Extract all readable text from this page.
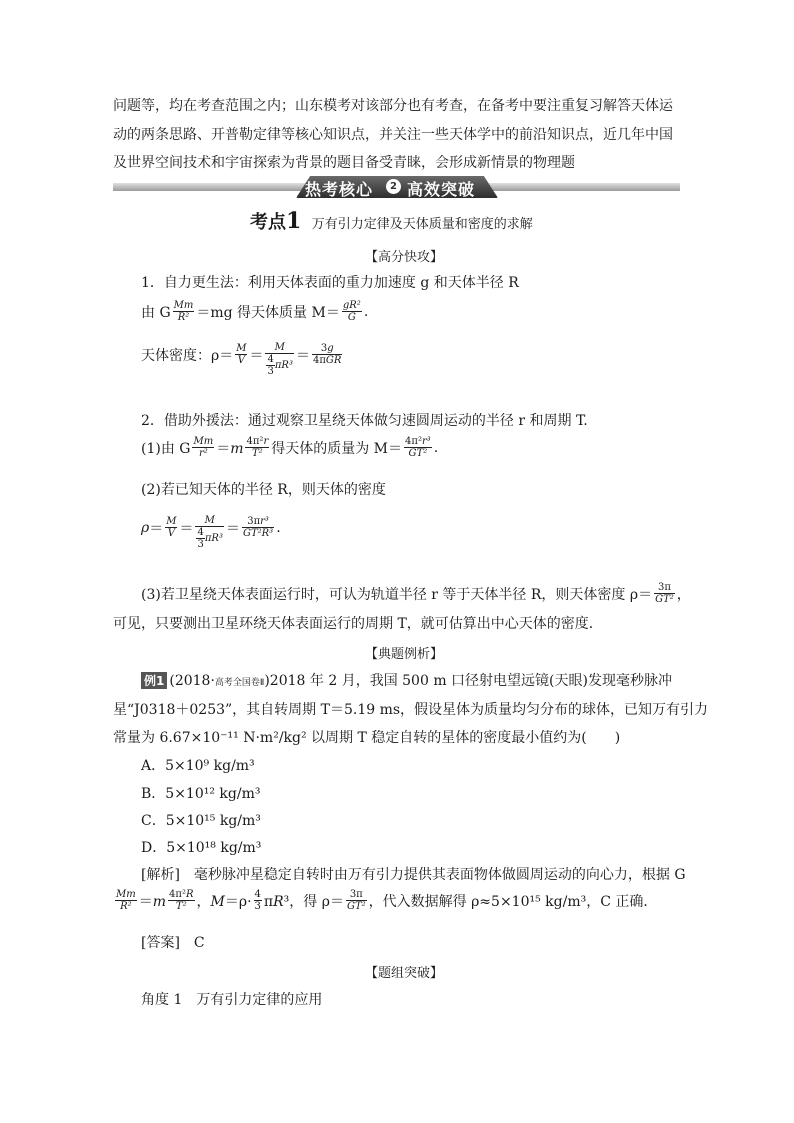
问题等，均在考查范围之内；山东模考对该部分也有考查，在备考中要注重复习解答天体运
动的两条思路、开普勒定律等核心知识点，并关注一些天体学中的前沿知识点，近几年中国
及世界空间技术和宇宙探索为背景的题目备受青睐，会形成新情景的物理题
热考核心	2 高效突破
考点1 万有引力定律及天体质量和密度的求解
【高分快攻】
1．自力更生法：利用天体表面的重力加速度 g 和天体半径 R
由 G $\frac{Mm}{\text{R²}} =mg$ 得天体质量 $M= \frac{\text{gR²}}{G}$ .
天体密度：$\rho= \frac{M}{V} = \frac{M}{\frac{4}{3} \pi R^3} = \frac{3g}{\text{4πGR}}$
2．借助外援法：通过观察卫星绕天体做匀速圆周运动的半径 r 和周期 T.
(1)由 G $\frac{Mm}{\text{r²}} =m \frac{\text{4π²r}}{\text{T²}}$ 得天体的质量为 $M= \frac{\text{4π²r³}}{\text{GT²}}$ .
(2)若已知天体的半径 R，则天体的密度
$\rho= \frac{M}{V} = \frac{M}{\frac{4}{3} \pi R^3} = \frac{\text{3πr³}}{\text{GT²R³}}$ .
(3)若卫星绕天体表面运行时，可认为轨道半径 r 等于天体半径 R，则天体密度 $\rho= \frac{3\pi}{\text{GT²}}$ ，
可见，只要测出卫星环绕天体表面运行的周期 T，就可估算出中心天体的密度．
【典题例析】
例1 (2018·高考全国卷Ⅱ)2018 年 2 月，我国 500 m 口径射电望远镜(天眼)发现毫秒脉冲
星“J0318＋0253”，其自转周期 T＝5.19 ms，假设星体为质量均匀分布的球体，已知万有引力
常量为 6.67×10⁻¹¹ N·m²/kg² 以周期 T 稳定自转的星体的密度最小值约为(　　)
A．5×10⁹ kg/m³
B．5×10¹² kg/m³
C．5×10¹⁵ kg/m³
D．5×10¹⁸ kg/m³
[解析]　毫秒脉冲星稳定自转时由万有引力提供其表面物体做圆周运动的向心力，根据 G
$\frac{Mm}{\text{R²}} =m \frac{\text{4π²R}}{\text{T²}}$ ，$M=\rho\cdot \frac{4}{3} \pi R^3$，得 $\rho= \frac{3\pi}{\text{GT²}}$ ，代入数据解得 ρ≈5×10¹⁵ kg/m³，C 正确．
[答案]　C
【题组突破】
角度 1　万有引力定律的应用
